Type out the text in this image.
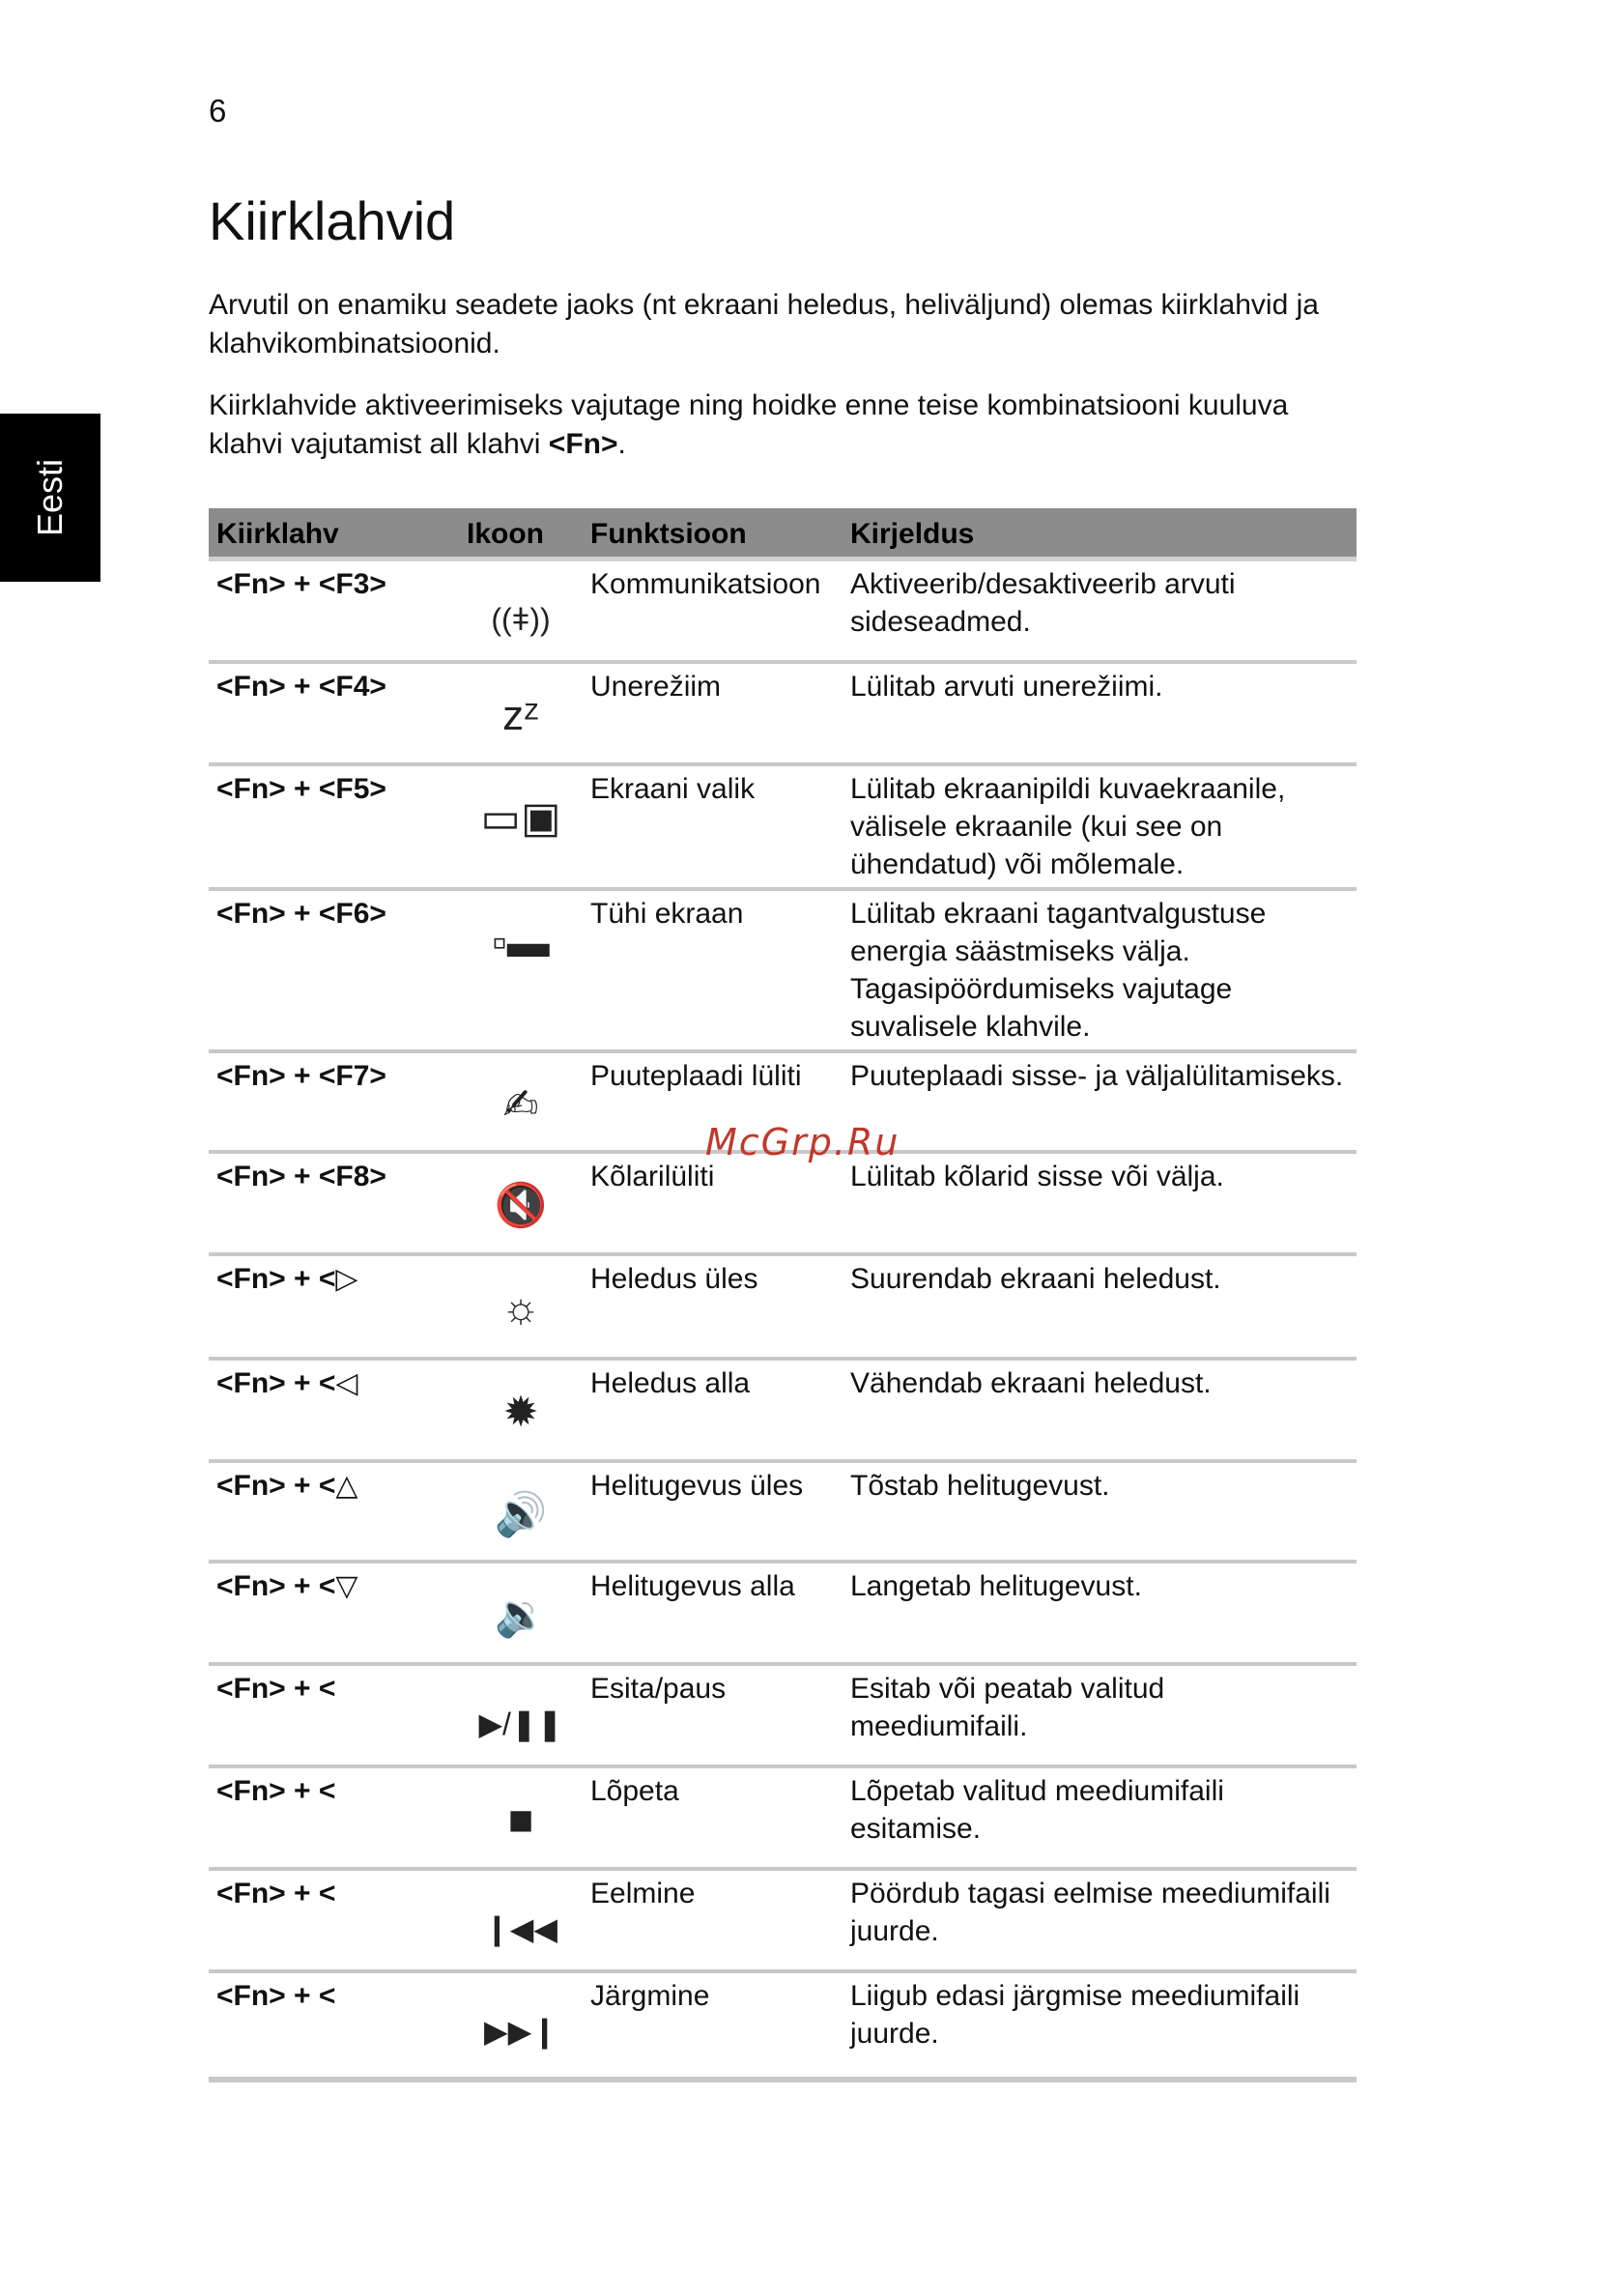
6
Eesti
Kiirklahvid

Arvutil on enamiku seadete jaoks (nt ekraani heledus, heliväljund) olemas kiirklahvid ja klahvikombinatsioonid.

Kiirklahvide aktiveerimiseks vajutage ning hoidke enne teise kombinatsiooni kuuluva klahvi vajutamist all klahvi <Fn>.

Kiirklahv	Ikoon	Funktsioon	Kirjeldus
<Fn> + <F3>	((ǂ))	Kommunikatsioon	Aktiveerib/desaktiveerib arvuti sideseadmed.
<Fn> + <F4>	zᶻ	Unerežiim	Lülitab arvuti unerežiimi.
<Fn> + <F5>	▭▣	Ekraani valik	Lülitab ekraanipildi kuvaekraanile, välisele ekraanile (kui see on ühendatud) või mõlemale.
<Fn> + <F6>	▫▬	Tühi ekraan	Lülitab ekraani tagantvalgustuse energia säästmiseks välja. Tagasipöördumiseks vajutage suvalisele klahvile.
<Fn> + <F7>	✍	Puuteplaadi lüliti	Puuteplaadi sisse- ja väljalülitamiseks.
<Fn> + <F8>	🔇	Kõlarilüliti	Lülitab kõlarid sisse või välja.
<Fn> + <▷	☼	Heledus üles	Suurendab ekraani heledust.
<Fn> + <◁	✹	Heledus alla	Vähendab ekraani heledust.
<Fn> + <△	🔊	Helitugevus üles	Tõstab helitugevust.
<Fn> + <▽	🔉	Helitugevus alla	Langetab helitugevust.
<Fn> + <	▶/❚❚	Esita/paus	Esitab või peatab valitud meediumifaili.
<Fn> + <	■	Lõpeta	Lõpetab valitud meediumifaili esitamise.
<Fn> + <	❙◀◀	Eelmine	Pöördub tagasi eelmise meediumifaili juurde.
<Fn> + <	▶▶❙	Järgmine	Liigub edasi järgmise meediumifaili juurde.
McGrp.Ru
